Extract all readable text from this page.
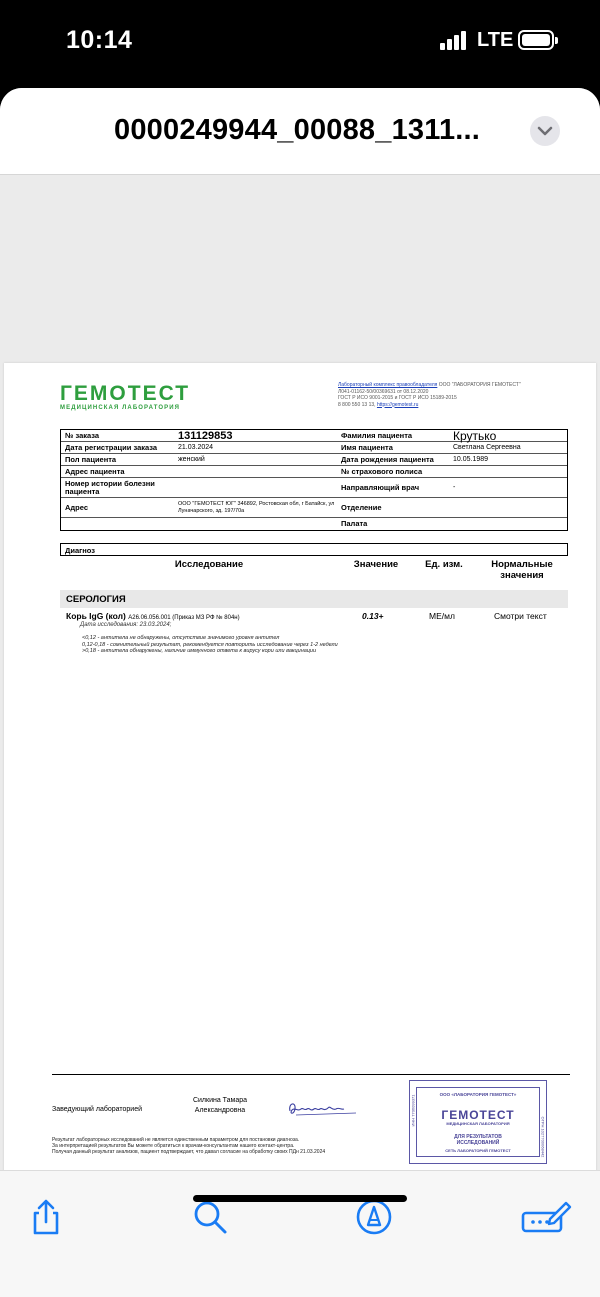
10:14	LTE
0000249944_00088_1311...
ГЕМОТЕСТ
МЕДИЦИНСКАЯ ЛАБОРАТОРИЯ
Лабораторный комплекс правообладателя ООО "ЛАБОРАТОРИЯ ГЕМОТЕСТ"
Л041-01162-50/00369631 от 08.12.2020
ГОСТ Р ИСО 9001-2015 и ГОСТ Р ИСО 15189-2015
8 800 550 13 13, https://gemotest.ru
№ заказа	131129853	Фамилия пациента	Крутько
Дата регистрации заказа	21.03.2024	Имя пациента	Светлана Сергеевна
Пол пациента	женский	Дата рождения пациента	10.05.1989
Адрес пациента	№ страхового полиса
Номер истории болезни пациента	Направляющий врач	-
Адрес	ООО "ГЕМОТЕСТ ЮГ" 346892, Ростовская обл, г Батайск, ул Луначарского, зд. 197/70а	Отделение
Палата
Диагноз
Исследование	Значение	Ед. изм.	Нормальные значения
СЕРОЛОГИЯ
Корь IgG (кол) A26.06.056.001 (Приказ МЗ РФ № 804н)	0.13+	МЕ/мл	Смотри текст
Дата исследования: 23.03.2024;
<0,12 - антитела не обнаружены, отсутствие значимого уровня антител
0,12-0,18 - сомнительный результат, рекомендуется повторить исследование через 1-2 недели
>0,18 - антитела обнаружены, наличие иммунного ответа к вирусу кори или вакцинации
Заведующий лабораторией
Силкина Тамара Александровна
ООО «ЛАБОРАТОРИЯ ГЕМОТЕСТ»
ГЕМОТЕСТ
МЕДИЦИНСКАЯ ЛАБОРАТОРИЯ
ДЛЯ РЕЗУЛЬТАТОВ
ИССЛЕДОВАНИЙ
СЕТЬ ЛАБОРАТОРИЙ ГЕМОТЕСТ
ИНН 7706099371
ОГРН 1027700068442
Результат лабораторных исследований не является единственным параметром для постановки диагноза.
За интерпретацией результатов Вы можете обратиться к врачам-консультантам нашего контакт-центра.
Получая данный результат анализов, пациент подтверждает, что давал согласие на обработку своих ПДн 21.03.2024
